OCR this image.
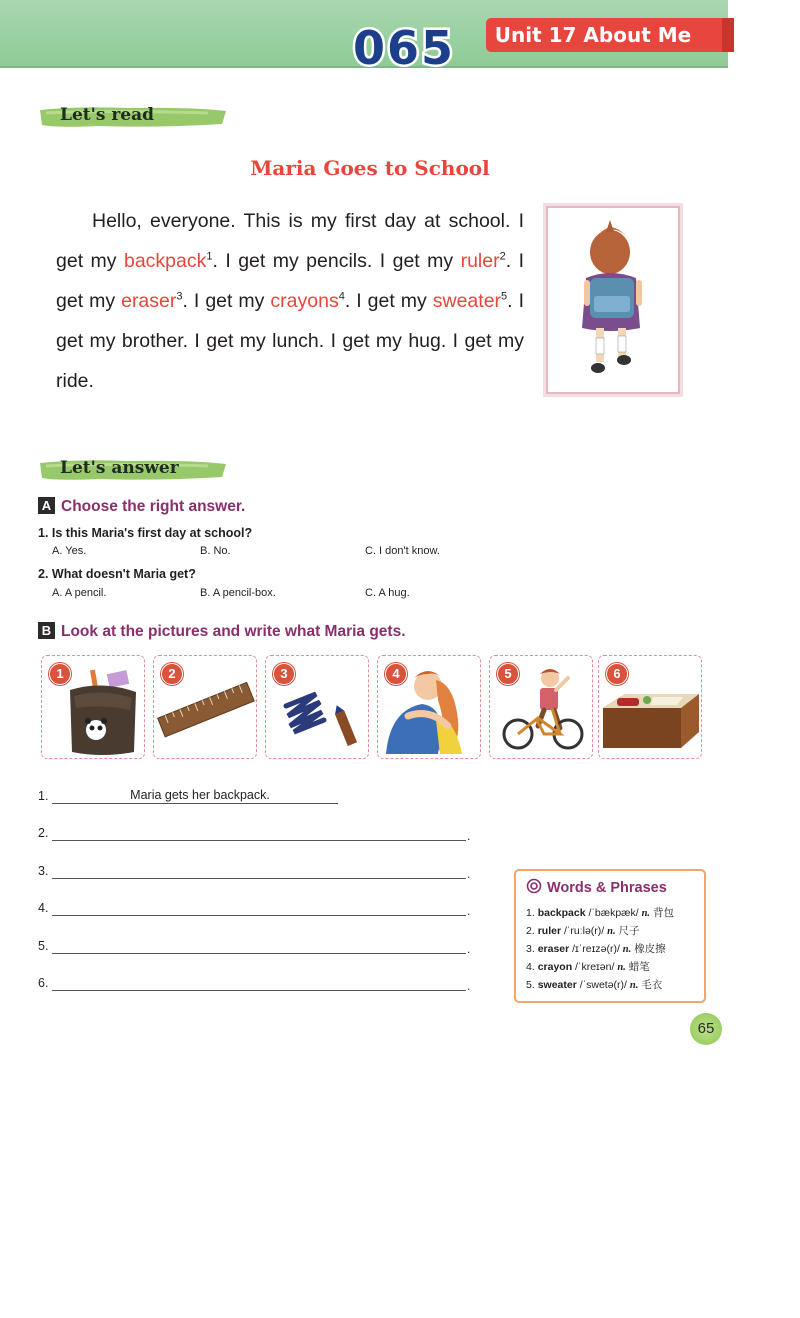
065	Unit 17 About Me
Let's read
Maria Goes to School
Hello, everyone. This is my first day at school. I get my backpack$^1$. I get my pencils. I get my ruler$^2$. I get my eraser$^3$. I get my crayons$^4$. I get my sweater$^5$. I get my brother. I get my lunch. I get my hug. I get my ride.
Let's answer
A Choose the right answer.
1. Is this Maria's first day at school?
A. Yes.	B. No.	C. I don't know.
2. What doesn't Maria get?
A. A pencil.	B. A pencil-box.	C. A hug.
B Look at the pictures and write what Maria gets.
1	2	3	4	5	6
1.	Maria gets her backpack.
2.	.
3.	.
4.	.
5.	.
6.	.
Words & Phrases
1. backpack /ˈbækpæk/ n. 背包
2. ruler /ˈruːlə(r)/ n. 尺子
3. eraser /ɪˈreɪzə(r)/ n. 橡皮擦
4. crayon /ˈkreɪən/ n. 蜡笔
5. sweater /ˈswetə(r)/ n. 毛衣
65
